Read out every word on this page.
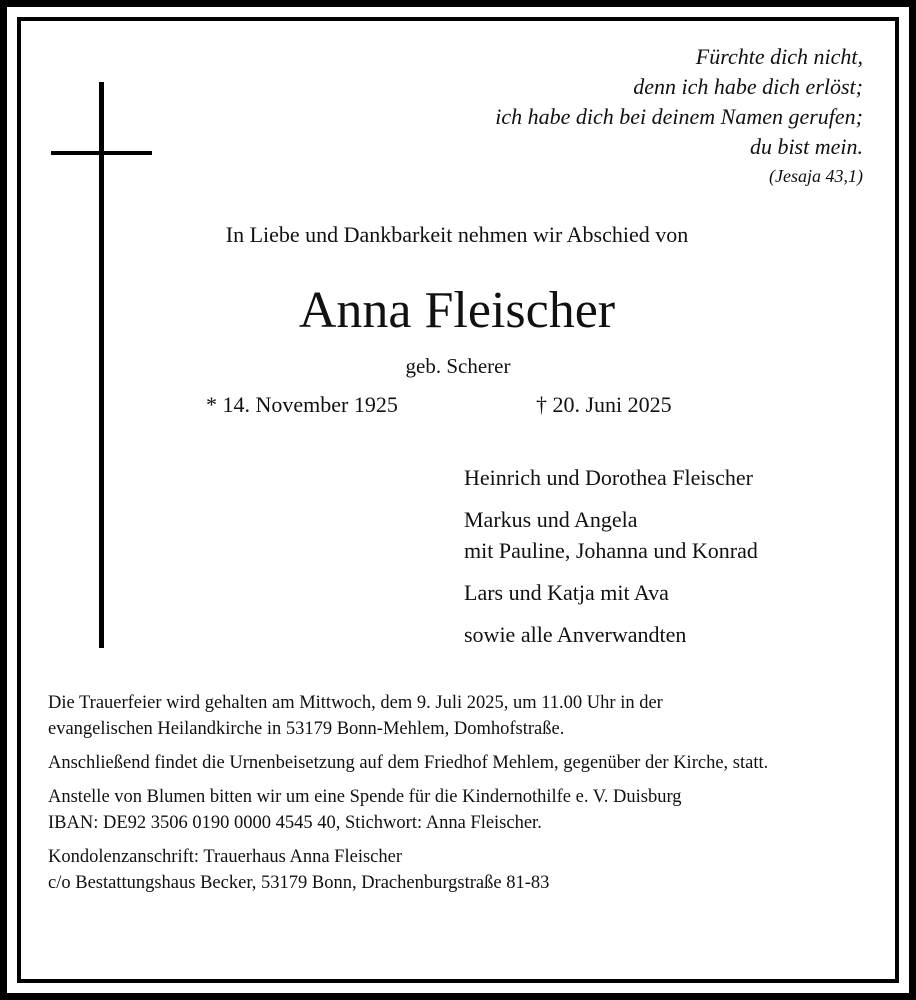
Fürchte dich nicht,
denn ich habe dich erlöst;
ich habe dich bei deinem Namen gerufen;
du bist mein.
(Jesaja 43,1)
In Liebe und Dankbarkeit nehmen wir Abschied von
Anna Fleischer
geb. Scherer
* 14. November 1925	† 20. Juni 2025

Heinrich und Dorothea Fleischer

Markus und Angela
mit Pauline, Johanna und Konrad

Lars und Katja mit Ava

sowie alle Anverwandten

Die Trauerfeier wird gehalten am Mittwoch, dem 9. Juli 2025, um 11.00 Uhr in der
evangelischen Heilandkirche in 53179 Bonn-Mehlem, Domhofstraße.

Anschließend findet die Urnenbeisetzung auf dem Friedhof Mehlem, gegenüber der Kirche, statt.

Anstelle von Blumen bitten wir um eine Spende für die Kindernothilfe e. V. Duisburg
IBAN: DE92 3506 0190 0000 4545 40, Stichwort: Anna Fleischer.

Kondolenzanschrift: Trauerhaus Anna Fleischer
c/o Bestattungshaus Becker, 53179 Bonn, Drachenburgstraße 81-83
